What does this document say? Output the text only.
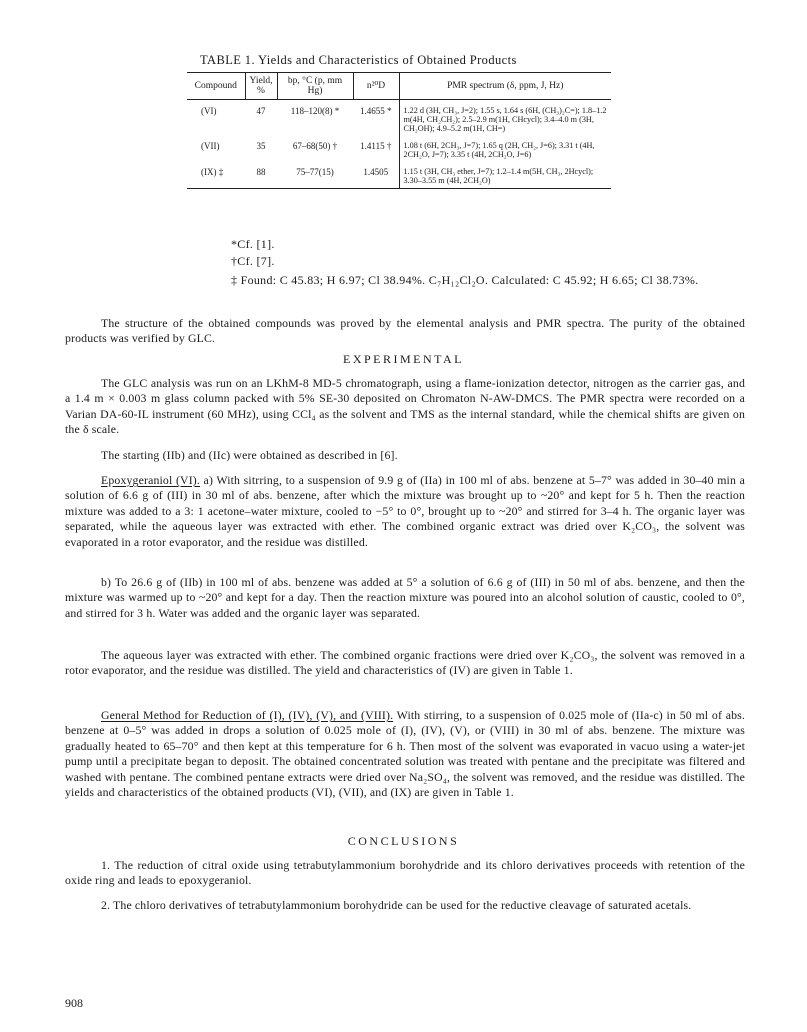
TABLE 1. Yields and Characteristics of Obtained Products
Compound	Yield, %	bp, °C (p, mm Hg)	n²⁰D	PMR spectrum (δ, ppm, J, Hz)
(VI)	47	118–120(8) *	1.4655 *	1.22 d (3H, CH₃, J=2); 1.55 s, 1.64 s (6H, (CH₃)₂C=); 1.8–1.2 m(4H, CH₂CH₂); 2.5–2.9 m(1H, CHcycl); 3.4–4.0 m (3H, CH₂OH); 4.9–5.2 m(1H, CH=)
(VII)	35	67–68(50) †	1.4115 †	1.08 t (6H, 2CH₃, J=7); 1.65 q (2H, CH₂, J=6); 3.31 t (4H, 2CH₂O, J=7); 3.35 t (4H, 2CH₂O, J=6)
(IX) ‡	88	75–77(15)	1.4505	1.15 t (3H, CH₃ ether, J=7); 1.2–1.4 m(5H, CH₃, 2Hcycl); 3.30–3.55 m (4H, 2CH₂O)
*Cf. [1].
†Cf. [7].
‡ Found: C 45.83; H 6.97; Cl 38.94%. C₇H₁₂Cl₂O. Calculated: C 45.92; H 6.65; Cl 38.73%.
The structure of the obtained compounds was proved by the elemental analysis and PMR spectra. The purity of the obtained products was verified by GLC.
EXPERIMENTAL
The GLC analysis was run on an LKhM-8 MD-5 chromatograph, using a flame-ionization detector, nitrogen as the carrier gas, and a 1.4 m × 0.003 m glass column packed with 5% SE-30 deposited on Chromaton N-AW-DMCS. The PMR spectra were recorded on a Varian DA-60-IL instrument (60 MHz), using CCl₄ as the solvent and TMS as the internal standard, while the chemical shifts are given on the δ scale.
The starting (IIb) and (IIc) were obtained as described in [6].
Epoxygeraniol (VI). a) With sitrring, to a suspension of 9.9 g of (IIa) in 100 ml of abs. benzene at 5–7° was added in 30–40 min a solution of 6.6 g of (III) in 30 ml of abs. benzene, after which the mixture was brought up to ~20° and kept for 5 h. Then the reaction mixture was added to a 3: 1 acetone–water mixture, cooled to −5° to 0°, brought up to ~20° and stirred for 3–4 h. The organic layer was separated, while the aqueous layer was extracted with ether. The combined organic extract was dried over K₂CO₃, the solvent was evaporated in a rotor evaporator, and the residue was distilled.
b) To 26.6 g of (IIb) in 100 ml of abs. benzene was added at 5° a solution of 6.6 g of (III) in 50 ml of abs. benzene, and then the mixture was warmed up to ~20° and kept for a day. Then the reaction mixture was poured into an alcohol solution of caustic, cooled to 0°, and stirred for 3 h. Water was added and the organic layer was separated.
The aqueous layer was extracted with ether. The combined organic fractions were dried over K₂CO₃, the solvent was removed in a rotor evaporator, and the residue was distilled. The yield and characteristics of (IV) are given in Table 1.
General Method for Reduction of (I), (IV), (V), and (VIII). With stirring, to a suspension of 0.025 mole of (IIa-c) in 50 ml of abs. benzene at 0–5° was added in drops a solution of 0.025 mole of (I), (IV), (V), or (VIII) in 30 ml of abs. benzene. The mixture was gradually heated to 65–70° and then kept at this temperature for 6 h. Then most of the solvent was evaporated in vacuo using a water-jet pump until a precipitate began to deposit. The obtained concentrated solution was treated with pentane and the precipitate was filtered and washed with pentane. The combined pentane extracts were dried over Na₂SO₄, the solvent was removed, and the residue was distilled. The yields and characteristics of the obtained products (VI), (VII), and (IX) are given in Table 1.
CONCLUSIONS
1. The reduction of citral oxide using tetrabutylammonium borohydride and its chloro derivatives proceeds with retention of the oxide ring and leads to epoxygeraniol.
2. The chloro derivatives of tetrabutylammonium borohydride can be used for the reductive cleavage of saturated acetals.
908
